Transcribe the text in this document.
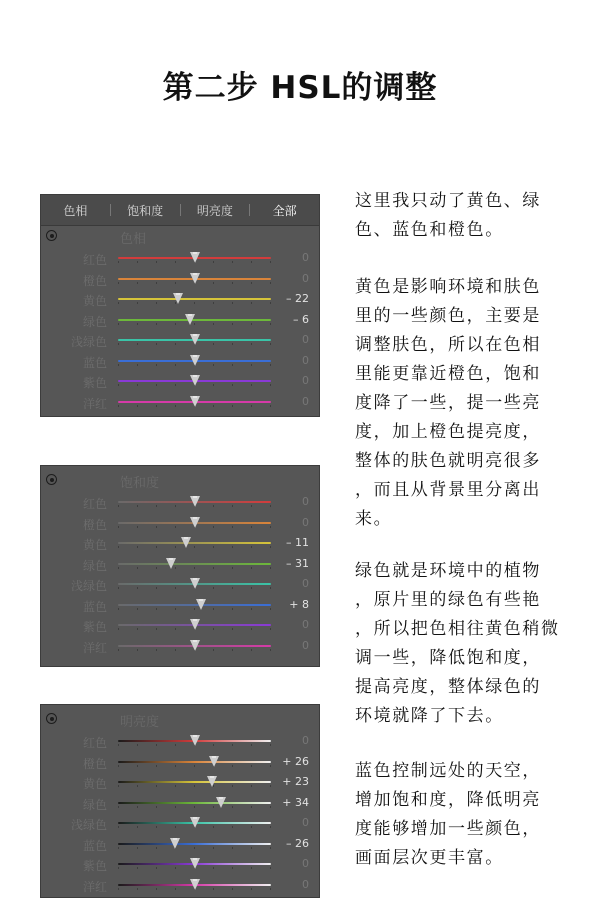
第二步 HSL的调整
色相	饱和度	明亮度	全部
色相
红色	0
橙色	0
黄色	– 22
绿色	– 6
浅绿色	0
蓝色	0
紫色	0
洋红	0
饱和度
红色	0
橙色	0
黄色	– 11
绿色	– 31
浅绿色	0
蓝色	+ 8
紫色	0
洋红	0
明亮度
红色	0
橙色	+ 26
黄色	+ 23
绿色	+ 34
浅绿色	0
蓝色	– 26
紫色	0
洋红	0
这里我只动了黄色、绿
色、蓝色和橙色。
黄色是影响环境和肤色
里的一些颜色，主要是
调整肤色，所以在色相
里能更靠近橙色，饱和
度降了一些，提一些亮
度，加上橙色提亮度，
整体的肤色就明亮很多
，而且从背景里分离出
来。
绿色就是环境中的植物
，原片里的绿色有些艳
，所以把色相往黄色稍微
调一些，降低饱和度，
提高亮度，整体绿色的
环境就降了下去。
蓝色控制远处的天空，
增加饱和度，降低明亮
度能够增加一些颜色，
画面层次更丰富。
